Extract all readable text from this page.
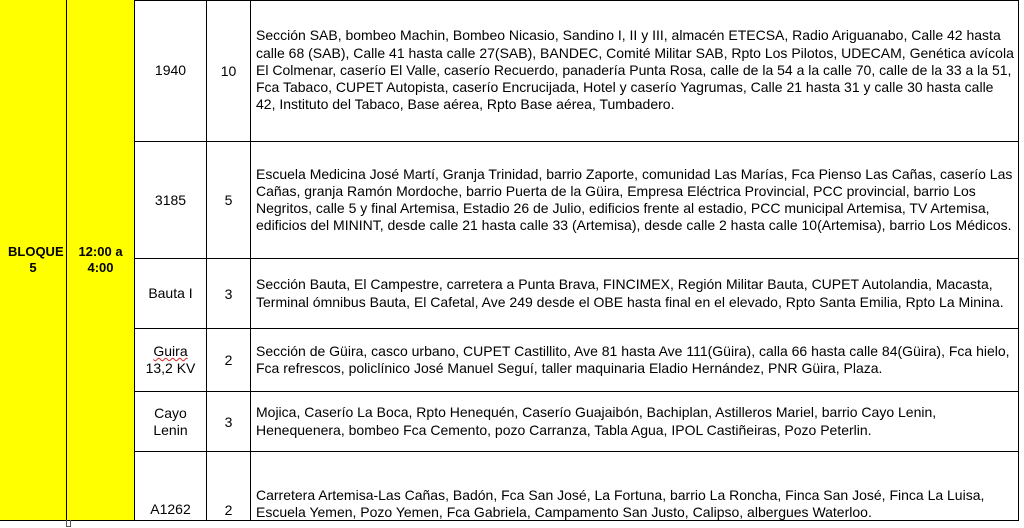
BLOQUE 5
12:00 a 4:00
1940 10
Sección SAB, bombeo Machin, Bombeo Nicasio, Sandino I, II y III, almacén ETECSA, Radio Ariguanabo, Calle 42 hasta calle 68 (SAB), Calle 41 hasta calle 27(SAB), BANDEC, Comité Militar SAB, Rpto Los Pilotos, UDECAM, Genética avícola El Colmenar, caserío El Valle, caserío Recuerdo, panadería Punta Rosa, calle de la 54 a la calle 70, calle de la 33 a la 51, Fca Tabaco, CUPET Autopista, caserío Encrucijada, Hotel y caserío Yagrumas, Calle 21 hasta 31 y calle 30 hasta calle 42, Instituto del Tabaco, Base aérea, Rpto Base aérea, Tumbadero.
3185	5
Escuela Medicina José Martí, Granja Trinidad, barrio Zaporte, comunidad Las Marías, Fca Pienso Las Cañas, caserío Las Cañas, granja Ramón Mordoche, barrio Puerta de la Güira, Empresa Eléctrica Provincial, PCC provincial, barrio Los Negritos, calle 5 y final Artemisa, Estadio 26 de Julio, edificios frente al estadio, PCC municipal Artemisa, TV Artemisa, edificios del MININT, desde calle 21 hasta calle 33 (Artemisa), desde calle 2 hasta calle 10(Artemisa), barrio Los Médicos.
Bauta I 3
Sección Bauta, El Campestre, carretera a Punta Brava, FINCIMEX, Región Militar Bauta, CUPET Autolandia, Macasta, Terminal ómnibus Bauta, El Cafetal, Ave 249 desde el OBE hasta final en el elevado, Rpto Santa Emilia, Rpto La Minina.
Guira
13,2 KV 2
Sección de Güira, casco urbano, CUPET Castillito, Ave 81 hasta Ave 111(Güira), calla 66 hasta calle 84(Güira), Fca hielo, Fca refrescos, policlínico José Manuel Seguí, taller maquinaria Eladio Hernández, PNR Güira, Plaza.
Cayo
Lenin	3
Mojica, Caserío La Boca, Rpto Henequén, Caserío Guajaibón, Bachiplan, Astilleros Mariel, barrio Cayo Lenin, Henequenera, bombeo Fca Cemento, pozo Carranza, Tabla Agua, IPOL Castiñeiras, Pozo Peterlin.
A1262 2
Carretera Artemisa-Las Cañas, Badón, Fca San José, La Fortuna, barrio La Roncha, Finca San José, Finca La Luisa, Escuela Yemen, Pozo Yemen, Fca Gabriela, Campamento San Justo, Calipso, albergues Waterloo.
